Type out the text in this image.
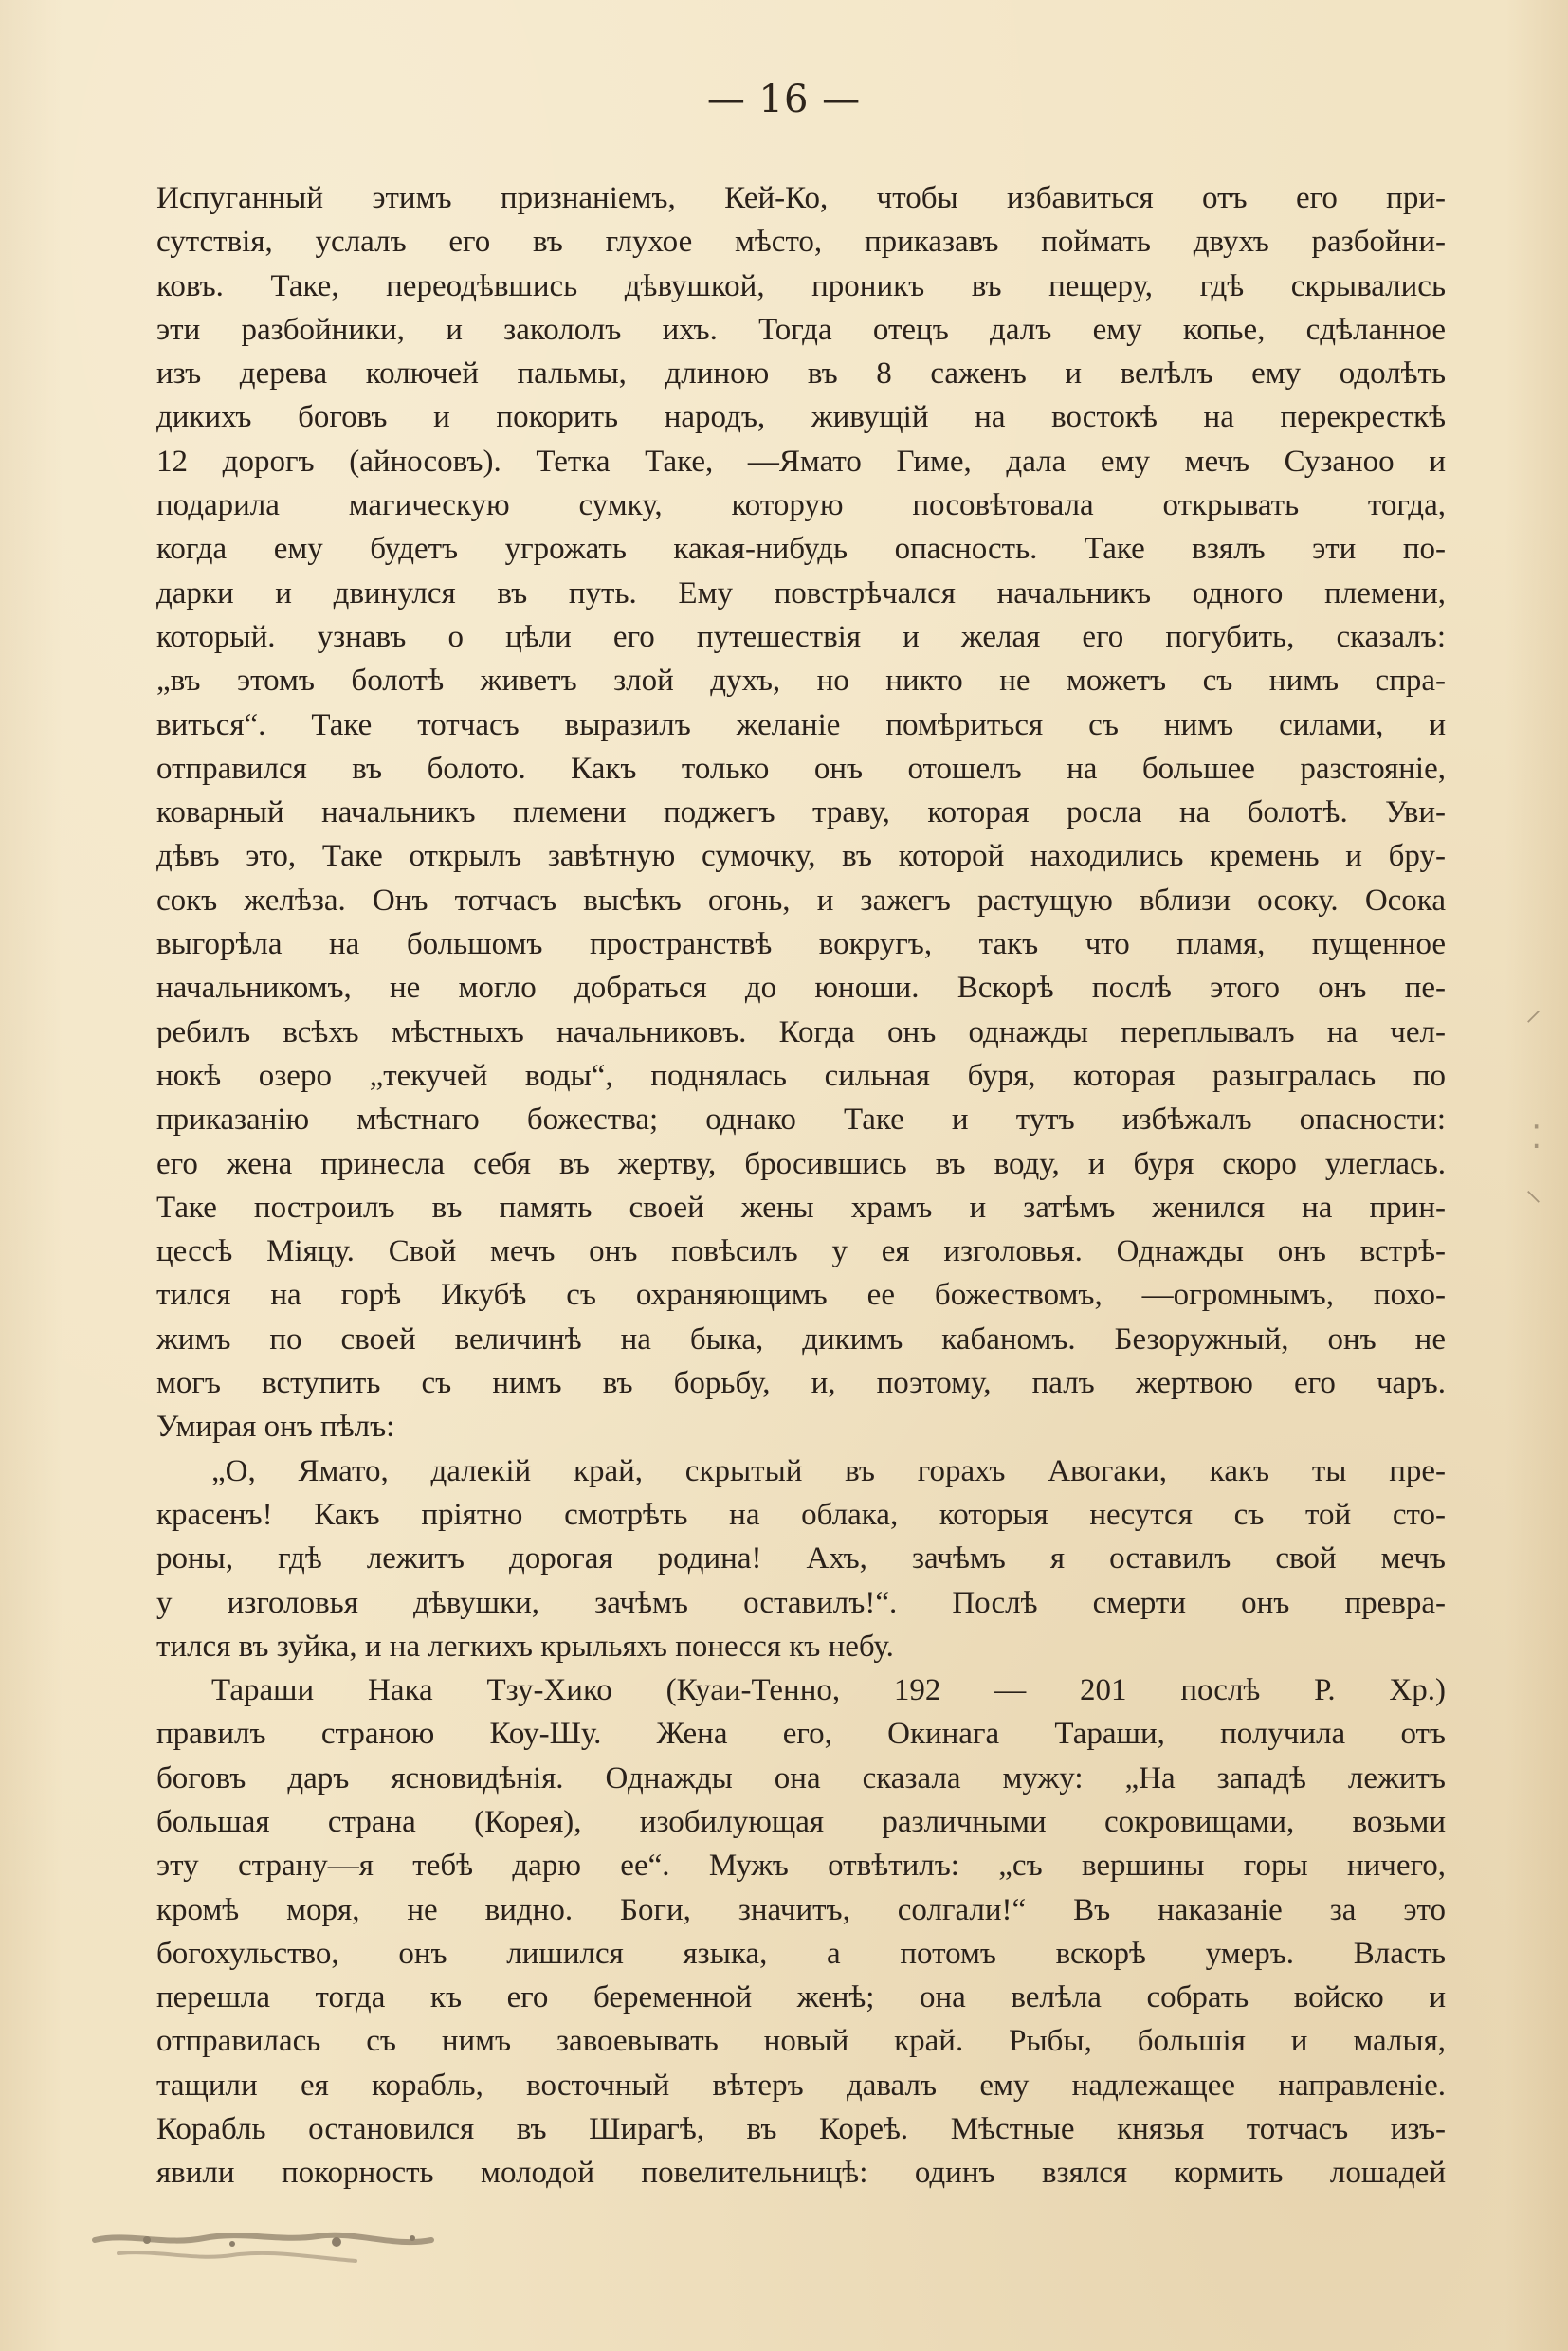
— 16 —
Испуганный этимъ признаніемъ, Кей-Ко, чтобы избавиться отъ его при-
сутствія, услалъ его въ глухое мѣсто, приказавъ поймать двухъ разбойни-
ковъ. Таке, переодѣвшись дѣвушкой, проникъ въ пещеру, гдѣ скрывались
эти разбойники, и закололъ ихъ. Тогда отецъ далъ ему копье, сдѣланное
изъ дерева колючей пальмы, длиною въ 8 саженъ и велѣлъ ему одолѣть
дикихъ боговъ и покорить народъ, живущій на востокѣ на перекресткѣ
12 дорогъ (айносовъ). Тетка Таке, —Ямато Гиме, дала ему мечъ Сузаноо и
подарила магическую сумку, которую посовѣтовала открывать тогда,
когда ему будетъ угрожать какая-нибудь опасность. Таке взялъ эти по-
дарки и двинулся въ путь. Ему повстрѣчался начальникъ одного племени,
который. узнавъ о цѣли его путешествія и желая его погубить, сказалъ:
„въ этомъ болотѣ живетъ злой духъ, но никто не можетъ съ нимъ спра-
виться“. Таке тотчасъ выразилъ желаніе помѣриться съ нимъ силами, и
отправился въ болото. Какъ только онъ отошелъ на большее разстояніе,
коварный начальникъ племени поджегъ траву, которая росла на болотѣ. Уви-
дѣвъ это, Таке открылъ завѣтную сумочку, въ которой находились кремень и бру-
сокъ желѣза. Онъ тотчасъ высѣкъ огонь, и зажегъ растущую вблизи осоку. Осока
выгорѣла на большомъ пространствѣ вокругъ, такъ что пламя, пущенное
начальникомъ, не могло добраться до юноши. Вскорѣ послѣ этого онъ пе-
ребилъ всѣхъ мѣстныхъ начальниковъ. Когда онъ однажды переплывалъ на чел-
нокѣ озеро „текучей воды“, поднялась сильная буря, которая разыгралась по
приказанію мѣстнаго божества; однако Таке и тутъ избѣжалъ опасности:
его жена принесла себя въ жертву, бросившись въ воду, и буря скоро улеглась.
Таке построилъ въ память своей жены храмъ и затѣмъ женился на прин-
цессѣ Міяцу. Свой мечъ онъ повѣсилъ у ея изголовья. Однажды онъ встрѣ-
тился на горѣ Икубѣ съ охраняющимъ ее божествомъ, —огромнымъ, похо-
жимъ по своей величинѣ на быка, дикимъ кабаномъ. Безоружный, онъ не
могъ вступить съ нимъ въ борьбу, и, поэтому, палъ жертвою его чаръ.
Умирая онъ пѣлъ:
„О, Ямато, далекій край, скрытый въ горахъ Авогаки, какъ ты пре-
красенъ! Какъ пріятно смотрѣть на облака, которыя несутся съ той сто-
роны, гдѣ лежитъ дорогая родина! Ахъ, зачѣмъ я оставилъ свой мечъ
у изголовья дѣвушки, зачѣмъ оставилъ!“. Послѣ смерти онъ превра-
тился въ зуйка, и на легкихъ крыльяхъ понесся къ небу.
Тараши Нака Тзу-Хико (Куаи-Тенно, 192 — 201 послѣ Р. Хр.)
правилъ страною Коу-Шу. Жена его, Окинага Тараши, получила отъ
боговъ даръ ясновидѣнія. Однажды она сказала мужу: „На западѣ лежитъ
большая страна (Корея), изобилующая различными сокровищами, возьми
эту страну—я тебѣ дарю ее“. Мужъ отвѣтилъ: „съ вершины горы ничего,
кромѣ моря, не видно. Боги, значитъ, солгали!“ Въ наказаніе за это
богохульство, онъ лишился языка, а потомъ вскорѣ умеръ. Власть
перешла тогда къ его беременной женѣ; она велѣла собрать войско и
отправилась съ нимъ завоевывать новый край. Рыбы, большія и малыя,
тащили ея корабль, восточный вѣтеръ давалъ ему надлежащее направленіе.
Корабль остановился въ Ширагѣ, въ Кореѣ. Мѣстные князья тотчасъ изъ-
явили покорность молодой повелительницѣ: одинъ взялся кормить лошадей
⸝
⁚
⸜
